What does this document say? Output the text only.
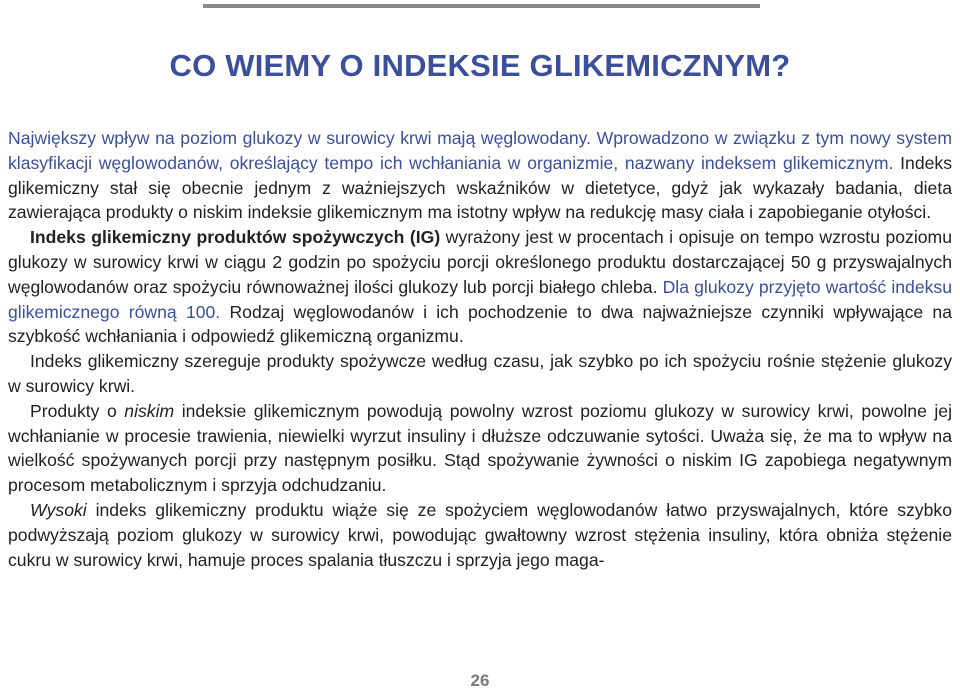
CO WIEMY O INDEKSIE GLIKEMICZNYM?

Największy wpływ na poziom glukozy w surowicy krwi mają węglowodany. Wprowadzono w związku z tym nowy system klasyfikacji węglowodanów, określający tempo ich wchłaniania w organizmie, nazwany indeksem glikemicznym. Indeks glikemiczny stał się obecnie jednym z ważniejszych wskaźników w dietetyce, gdyż jak wykazały badania, dieta zawierająca produkty o niskim indeksie glikemicznym ma istotny wpływ na redukcję masy ciała i zapobieganie otyłości.

Indeks glikemiczny produktów spożywczych (IG) wyrażony jest w procentach i opisuje on tempo wzrostu poziomu glukozy w surowicy krwi w ciągu 2 godzin po spożyciu porcji określonego produktu dostarczającej 50 g przyswajalnych węglowodanów oraz spożyciu równoważnej ilości glukozy lub porcji białego chleba. Dla glukozy przyjęto wartość indeksu glikemicznego równą 100. Rodzaj węglowodanów i ich pochodzenie to dwa najważniejsze czynniki wpływające na szybkość wchłaniania i odpowiedź glikemiczną organizmu.

Indeks glikemiczny szereguje produkty spożywcze według czasu, jak szybko po ich spożyciu rośnie stężenie glukozy w surowicy krwi.

Produkty o niskim indeksie glikemicznym powodują powolny wzrost poziomu glukozy w surowicy krwi, powolne jej wchłanianie w procesie trawienia, niewielki wyrzut insuliny i dłuższe odczuwanie sytości. Uważa się, że ma to wpływ na wielkość spożywanych porcji przy następnym posiłku. Stąd spożywanie żywności o niskim IG zapobiega negatywnym procesom metabolicznym i sprzyja odchudzaniu.

Wysoki indeks glikemiczny produktu wiąże się ze spożyciem węglowodanów łatwo przyswajalnych, które szybko podwyższają poziom glukozy w surowicy krwi, powodując gwałtowny wzrost stężenia insuliny, która obniża stężenie cukru w surowicy krwi, hamuje proces spalania tłuszczu i sprzyja jego maga-

26
